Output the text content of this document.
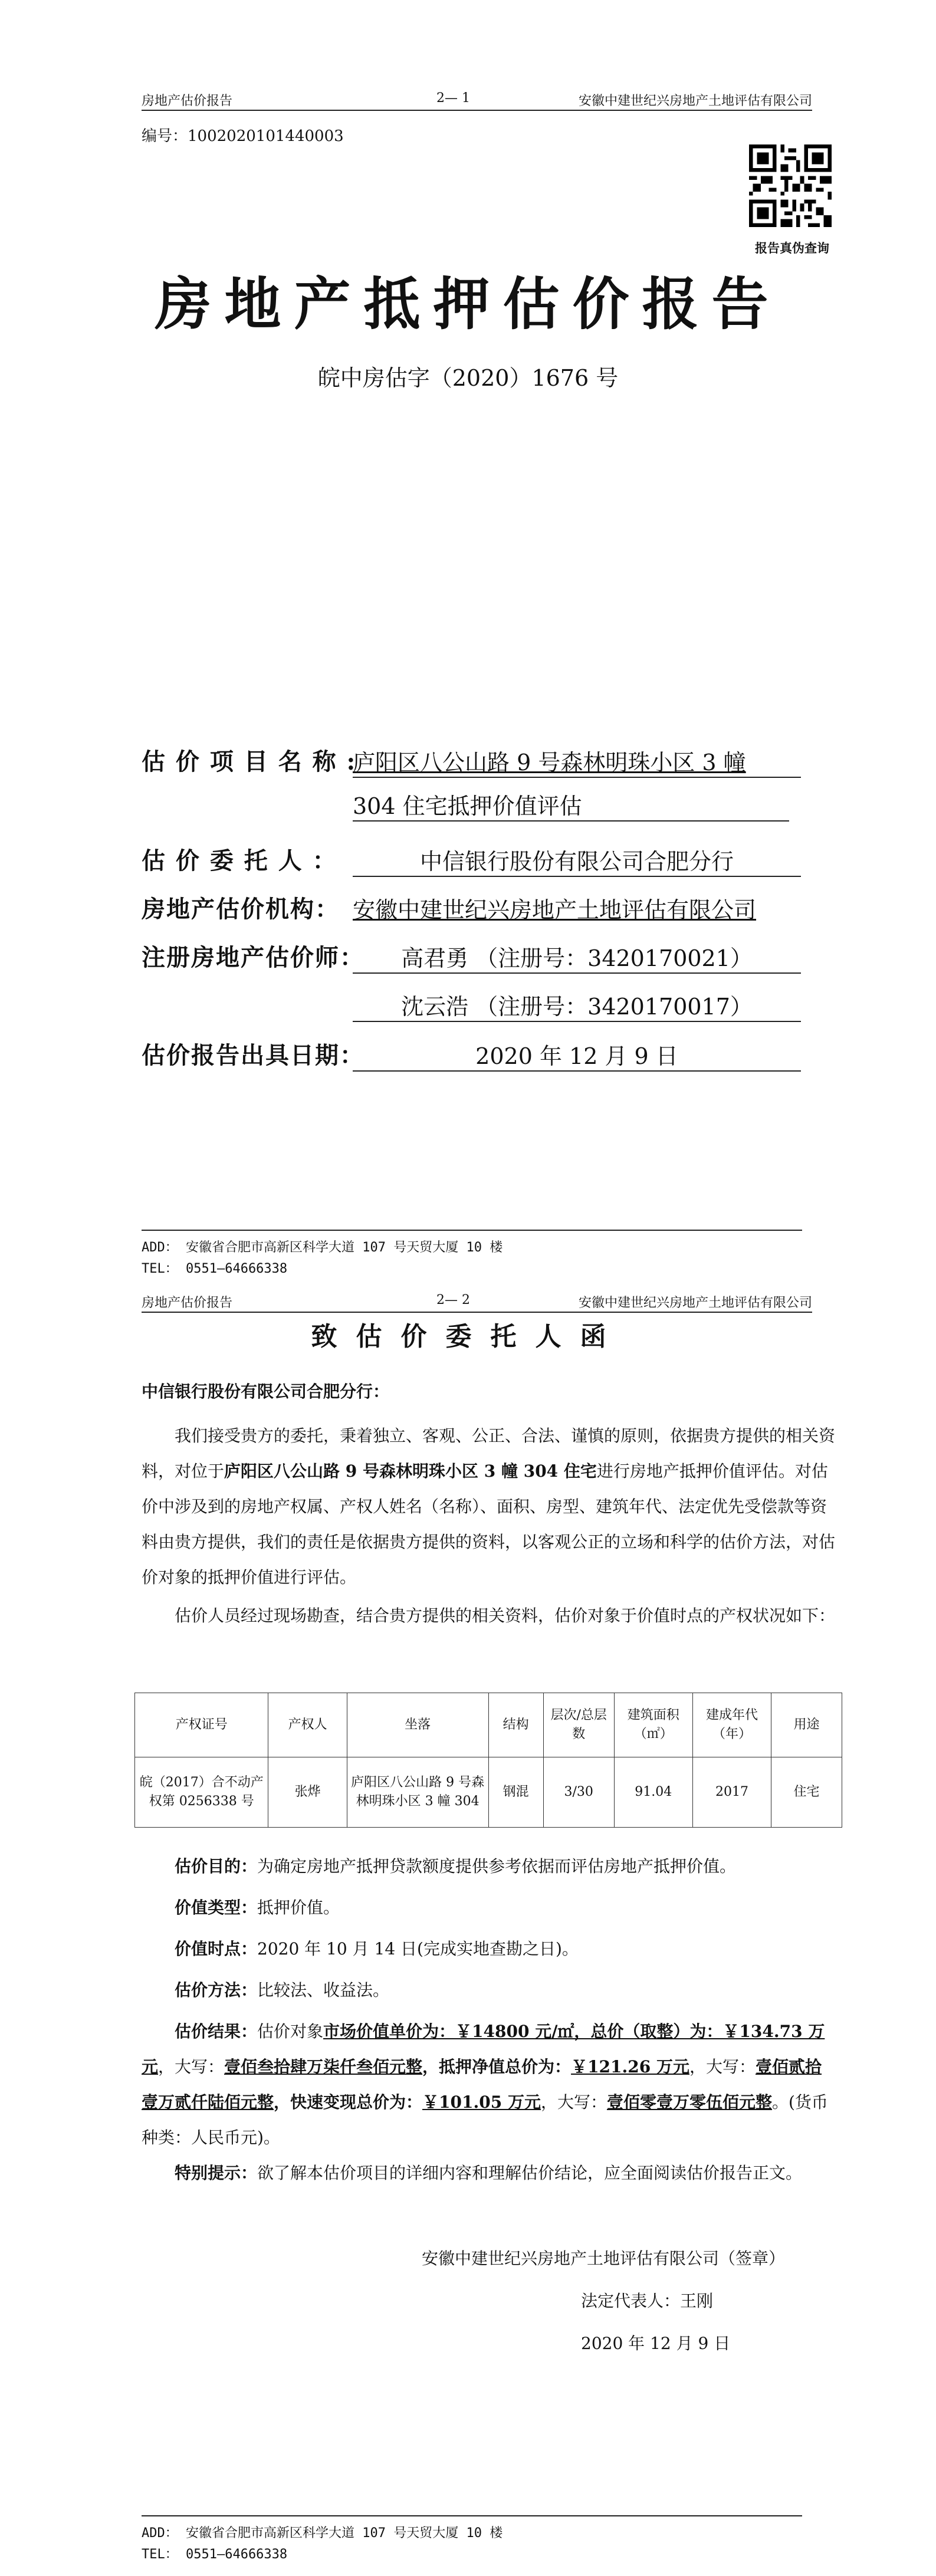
房地产估价报告	2— 1	安徽中建世纪兴房地产土地评估有限公司
编号：1002020101440003
报告真伪查询
房地产抵押估价报告
皖中房估字（2020）1676 号
估 价 项 目 名 称 :
庐阳区八公山路 9 号森林明珠小区 3 幢
304 住宅抵押价值评估
估 价 委 托 人 ：	中信银行股份有限公司合肥分行
房地产估价机构： 安徽中建世纪兴房地产土地评估有限公司
注册房地产估价师：	高君勇 （注册号：3420170021）
沈云浩 （注册号：3420170017）
估价报告出具日期：	2020 年 12 月 9 日
ADD： 安徽省合肥市高新区科学大道 107 号天贸大厦 10 楼
TEL： 0551—64666338
房地产估价报告	2— 2	安徽中建世纪兴房地产土地评估有限公司
致估价委托人函
中信银行股份有限公司合肥分行：
我们接受贵方的委托，秉着独立、客观、公正、合法、谨慎的原则，依据贵方提供的相关资料，对位于庐阳区八公山路 9 号森林明珠小区 3 幢 304 住宅进行房地产抵押价值评估。对估价中涉及到的房地产权属、产权人姓名（名称）、面积、房型、建筑年代、法定优先受偿款等资料由贵方提供，我们的责任是依据贵方提供的资料，以客观公正的立场和科学的估价方法，对估价对象的抵押价值进行评估。
估价人员经过现场勘查，结合贵方提供的相关资料，估价对象于价值时点的产权状况如下：
产权证号	产权人	坐落	结构	层次/总层数	建筑面积（㎡）	建成年代（年）	用途
皖（2017）合不动产权第 0256338 号	张烨	庐阳区八公山路 9 号森林明珠小区 3 幢 304	钢混	3/30	91.04	2017	住宅
估价目的：为确定房地产抵押贷款额度提供参考依据而评估房地产抵押价值。
价值类型：抵押价值。
价值时点：2020 年 10 月 14 日(完成实地查勘之日)。
估价方法：比较法、收益法。
估价结果：估价对象市场价值单价为：￥14800 元/㎡，总价（取整）为：￥134.73 万元，大写：壹佰叁拾肆万柒仟叁佰元整，抵押净值总价为：￥121.26 万元，大写：壹佰贰拾壹万贰仟陆佰元整，快速变现总价为：￥101.05 万元，大写：壹佰零壹万零伍佰元整。(货币种类：人民币元)。
特别提示：欲了解本估价项目的详细内容和理解估价结论，应全面阅读估价报告正文。
安徽中建世纪兴房地产土地评估有限公司（签章）
法定代表人：王刚
2020 年 12 月 9 日
ADD： 安徽省合肥市高新区科学大道 107 号天贸大厦 10 楼
TEL： 0551—64666338
